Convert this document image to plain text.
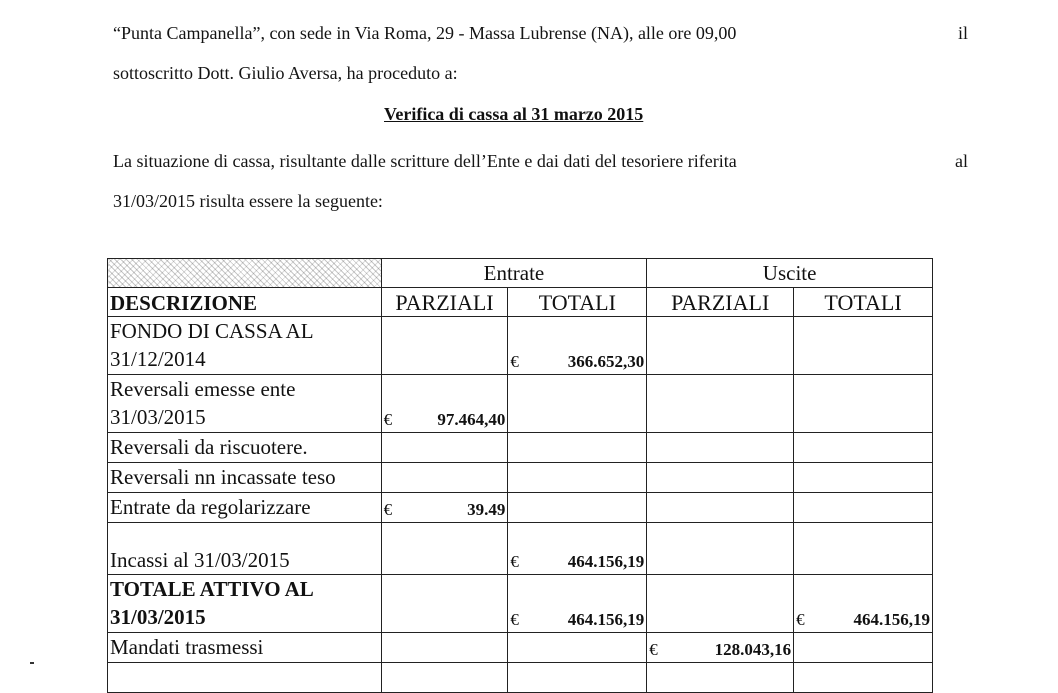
“Punta Campanella”, con sede in Via Roma, 29 - Massa Lubrense (NA), alle ore 09,00	il
sottoscritto Dott. Giulio Aversa, ha proceduto a:
Verifica di cassa al 31 marzo 2015
La situazione di cassa, risultante dalle scritture dell’Ente e dai dati del tesoriere riferita	al
31/03/2015 risulta essere la seguente:
	Entrate		Uscite	
DESCRIZIONE	PARZIALI	TOTALI	PARZIALI	TOTALI
FONDO DI CASSA AL 31/12/2014		€ 366.652,30		

Reversali emesse ente 31/03/2015	€ 97.464,40			

Reversali da riscuotere.				
Reversali nn incassate teso				
Entrate da regolarizzare	€ 39.49			

Incassi al 31/03/2015		€ 464.156,19		

TOTALE ATTIVO AL 31/03/2015		€ 464.156,19		€ 464.156,19

Mandati trasmessi			€ 128.043,16	
